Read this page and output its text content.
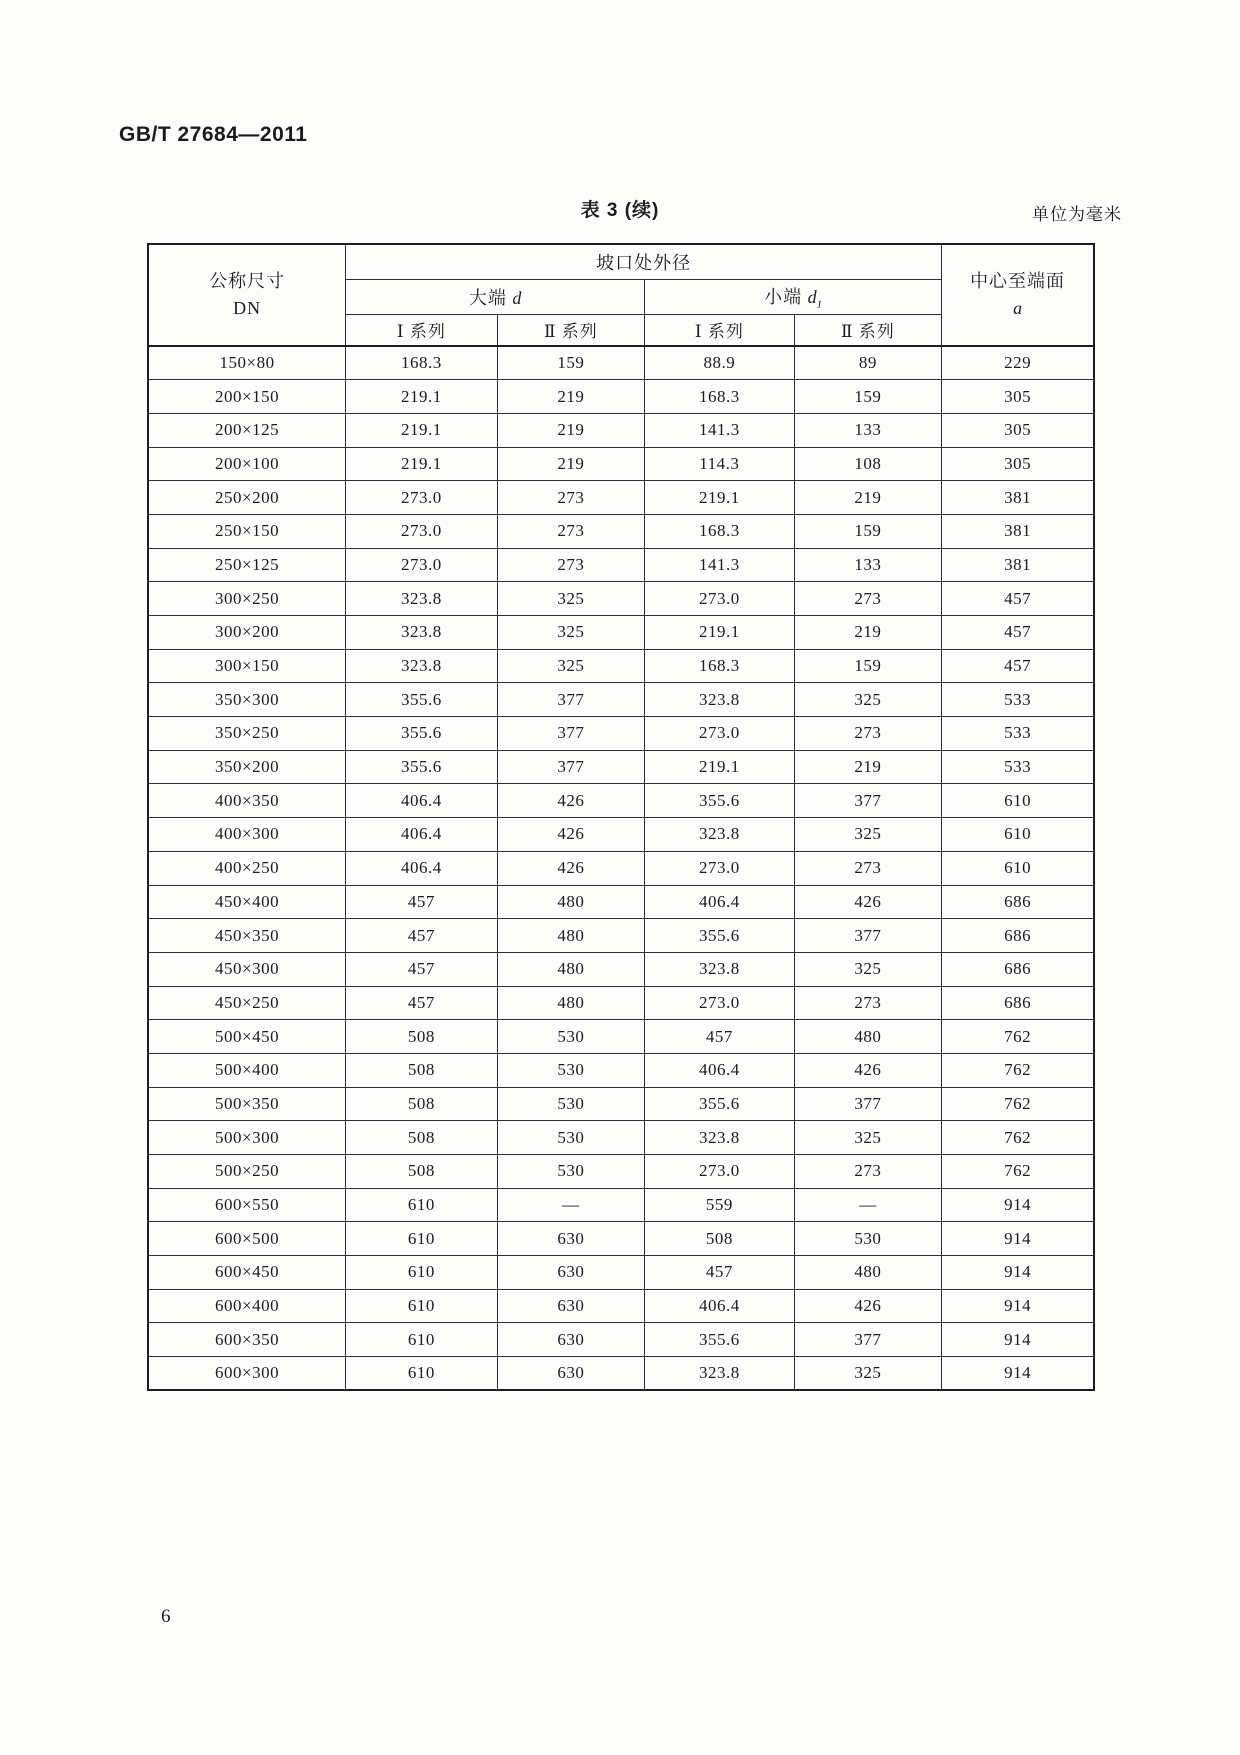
GB/T 27684—2011
表 3 (续)	单位为毫米
公称尺寸
DN
	坡口处外径	
中心至端面
a

	大端 d		小端 $d_1$
	Ⅰ 系列	Ⅱ 系列	Ⅰ 系列	Ⅱ 系列	
150×80	168.3	159	88.9	89	229
200×150	219.1	219	168.3	159	305
200×125	219.1	219	141.3	133	305
200×100	219.1	219	114.3	108	305
250×200	273.0	273	219.1	219	381
250×150	273.0	273	168.3	159	381
250×125	273.0	273	141.3	133	381
300×250	323.8	325	273.0	273	457
300×200	323.8	325	219.1	219	457
300×150	323.8	325	168.3	159	457
350×300	355.6	377	323.8	325	533
350×250	355.6	377	273.0	273	533
350×200	355.6	377	219.1	219	533
400×350	406.4	426	355.6	377	610
400×300	406.4	426	323.8	325	610
400×250	406.4	426	273.0	273	610
450×400	457	480	406.4	426	686
450×350	457	480	355.6	377	686
450×300	457	480	323.8	325	686
450×250	457	480	273.0	273	686
500×450	508	530	457	480	762
500×400	508	530	406.4	426	762
500×350	508	530	355.6	377	762
500×300	508	530	323.8	325	762
500×250	508	530	273.0	273	762
600×550	610	—	559	—	914
600×500	610	630	508	530	914
600×450	610	630	457	480	914
600×400	610	630	406.4	426	914
600×350	610	630	355.6	377	914
600×300	610	630	323.8	325	914
6
